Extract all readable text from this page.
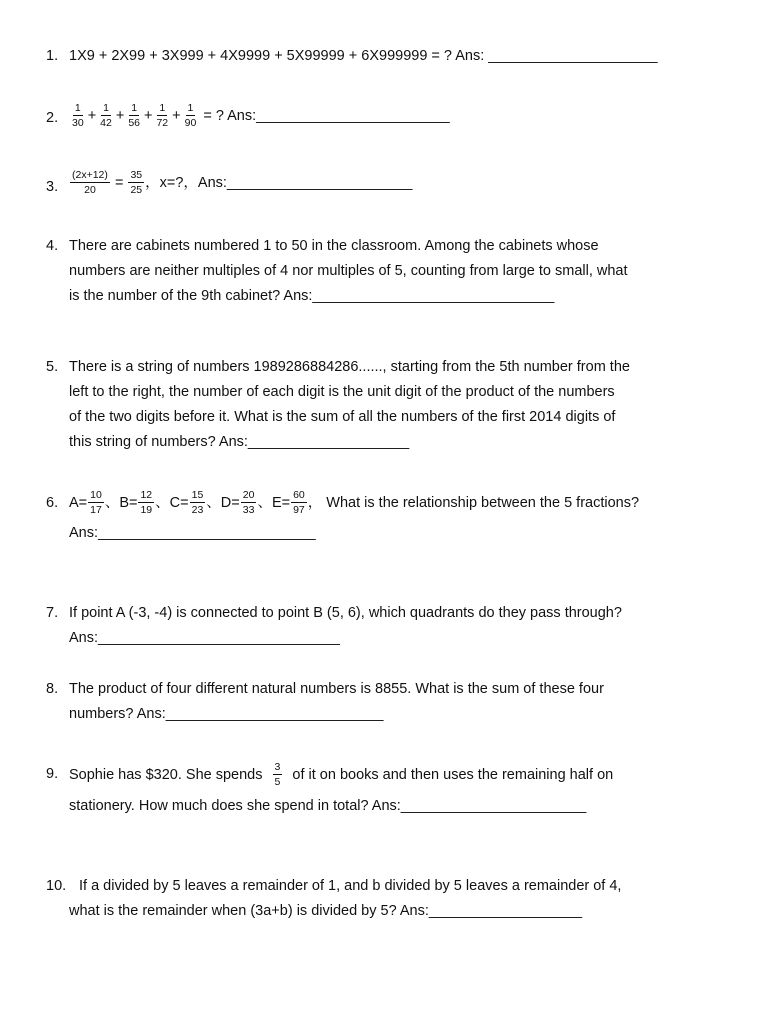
1. 1X9 + 2X99 + 3X999 + 4X9999 + 5X99999 + 6X999999 = ? Ans: _____________________
2. $\frac{1}{30} + \frac{1}{42} + \frac{1}{56} + \frac{1}{72} + \frac{1}{90}$ = ? Ans:________________________
3. $\frac{(2x+12)}{20} = \frac{35}{25}$ ，x=?，Ans:_______________________
4. There are cabinets numbered 1 to 50 in the classroom. Among the cabinets whose
numbers are neither multiples of 4 nor multiples of 5, counting from large to small, what
is the number of the 9th cabinet? Ans:______________________________
5. There is a string of numbers 1989286884286......, starting from the 5th number from the
left to the right, the number of each digit is the unit digit of the product of the numbers
of the two digits before it. What is the sum of all the numbers of the first 2014 digits of
this string of numbers? Ans:____________________
6. $A= \frac{10}{17}$ 、$B= \frac{12}{19}$ 、$C= \frac{15}{23}$ 、$D= \frac{20}{33}$ 、$E= \frac{60}{97}$ ， What is the relationship between the 5 fractions?
Ans:___________________________
7. If point A (-3, -4) is connected to point B (5, 6), which quadrants do they pass through?
Ans:______________________________
8. The product of four different natural numbers is 8855. What is the sum of these four
numbers? Ans:___________________________
9. Sophie has $320. She spends $\frac{3}{5}$ of it on books and then uses the remaining half on
stationery. How much does she spend in total? Ans:_______________________
10. If a divided by 5 leaves a remainder of 1, and b divided by 5 leaves a remainder of 4,
what is the remainder when (3a+b) is divided by 5? Ans:___________________
